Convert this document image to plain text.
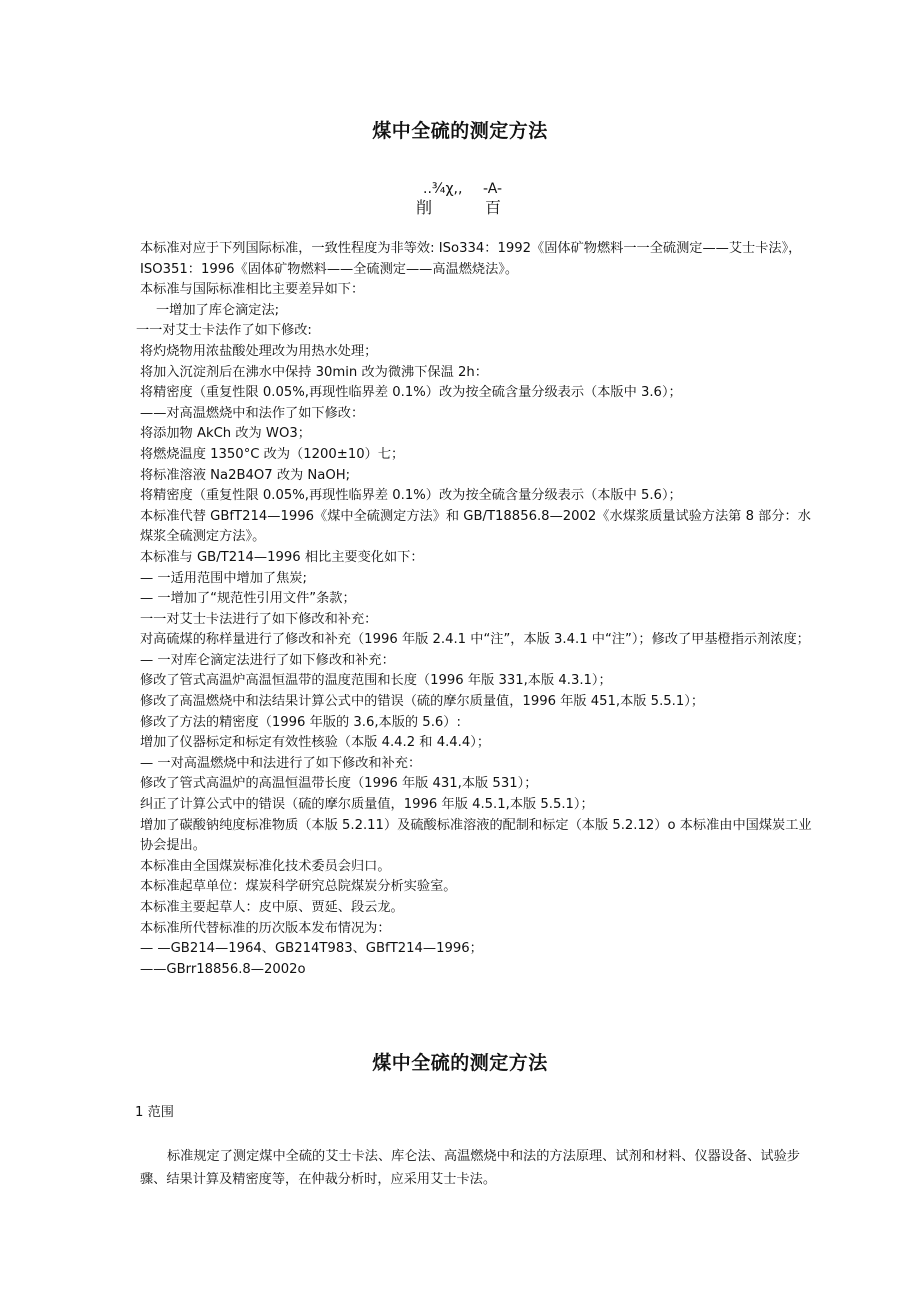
煤中全硫的测定方法
..¾χ,, -A-
削	百

本标准对应于下列国际标准，一致性程度为非等效: ISo334：1992《固体矿物燃料一一全硫测定——艾士卡法》，ISO351：1996《固体矿物燃料——全硫测定——高温燃烧法》。

本标准与国际标准相比主要差异如下：

一增加了库仑滴定法;

一一对艾士卡法作了如下修改:

将灼烧物用浓盐酸处理改为用热水处理；

将加入沉淀剂后在沸水中保持 30min 改为微沸下保温 2h：

将精密度（重复性限 0.05%,再现性临界差 0.1%）改为按全硫含量分级表示（本版中 3.6）；

——对高温燃烧中和法作了如下修改：

将添加物 AkCh 改为 WO3；

将燃烧温度 1350°C 改为（1200±10）七；

将标准溶液 Na2B4O7 改为 NaOH;

将精密度（重复性限 0.05%,再现性临界差 0.1%）改为按全硫含量分级表示（本版中 5.6）；

本标准代替 GBfT214—1996《煤中全硫测定方法》和 GB/T18856.8—2002《水煤浆质量试验方法第 8 部分：水煤浆全硫测定方法》。

本标准与 GB/T214—1996 相比主要变化如下：

— 一适用范围中增加了焦炭;

— 一增加了“规范性引用文件”条款；

一一对艾士卡法进行了如下修改和补充：

对高硫煤的称样量进行了修改和补充（1996 年版 2.4.1 中“注”，本版 3.4.1 中“注”）；修改了甲基橙指示剂浓度；

— 一对库仑滴定法进行了如下修改和补充：

修改了管式高温炉高温恒温带的温度范围和长度（1996 年版 331,本版 4.3.1）；

修改了高温燃烧中和法结果计算公式中的错误（硫的摩尔质量值，1996 年版 451,本版 5.5.1）；

修改了方法的精密度（1996 年版的 3.6,本版的 5.6）:

增加了仪器标定和标定有效性核验（本版 4.4.2 和 4.4.4）；

— 一对高温燃烧中和法进行了如下修改和补充：

修改了管式高温炉的高温恒温带长度（1996 年版 431,本版 531）；

纠正了计算公式中的错误（硫的摩尔质量值，1996 年版 4.5.1,本版 5.5.1）；

增加了碳酸钠纯度标准物质（本版 5.2.11）及硫酸标准溶液的配制和标定（本版 5.2.12）o 本标准由中国煤炭工业协会提出。

本标准由全国煤炭标准化技术委员会归口。

本标准起草单位：煤炭科学研究总院煤炭分析实验室。

本标准主要起草人：皮中原、贾延、段云龙。

本标准所代替标准的历次版本发布情况为：

— —GB214—1964、GB214T983、GBfT214—1996；

——GBrr18856.8—2002o

煤中全硫的测定方法
1 范围
标准规定了测定煤中全硫的艾士卡法、库仑法、高温燃烧中和法的方法原理、试剂和材料、仪器设备、试验步骤、结果计算及精密度等，在仲裁分析时，应采用艾士卡法。
